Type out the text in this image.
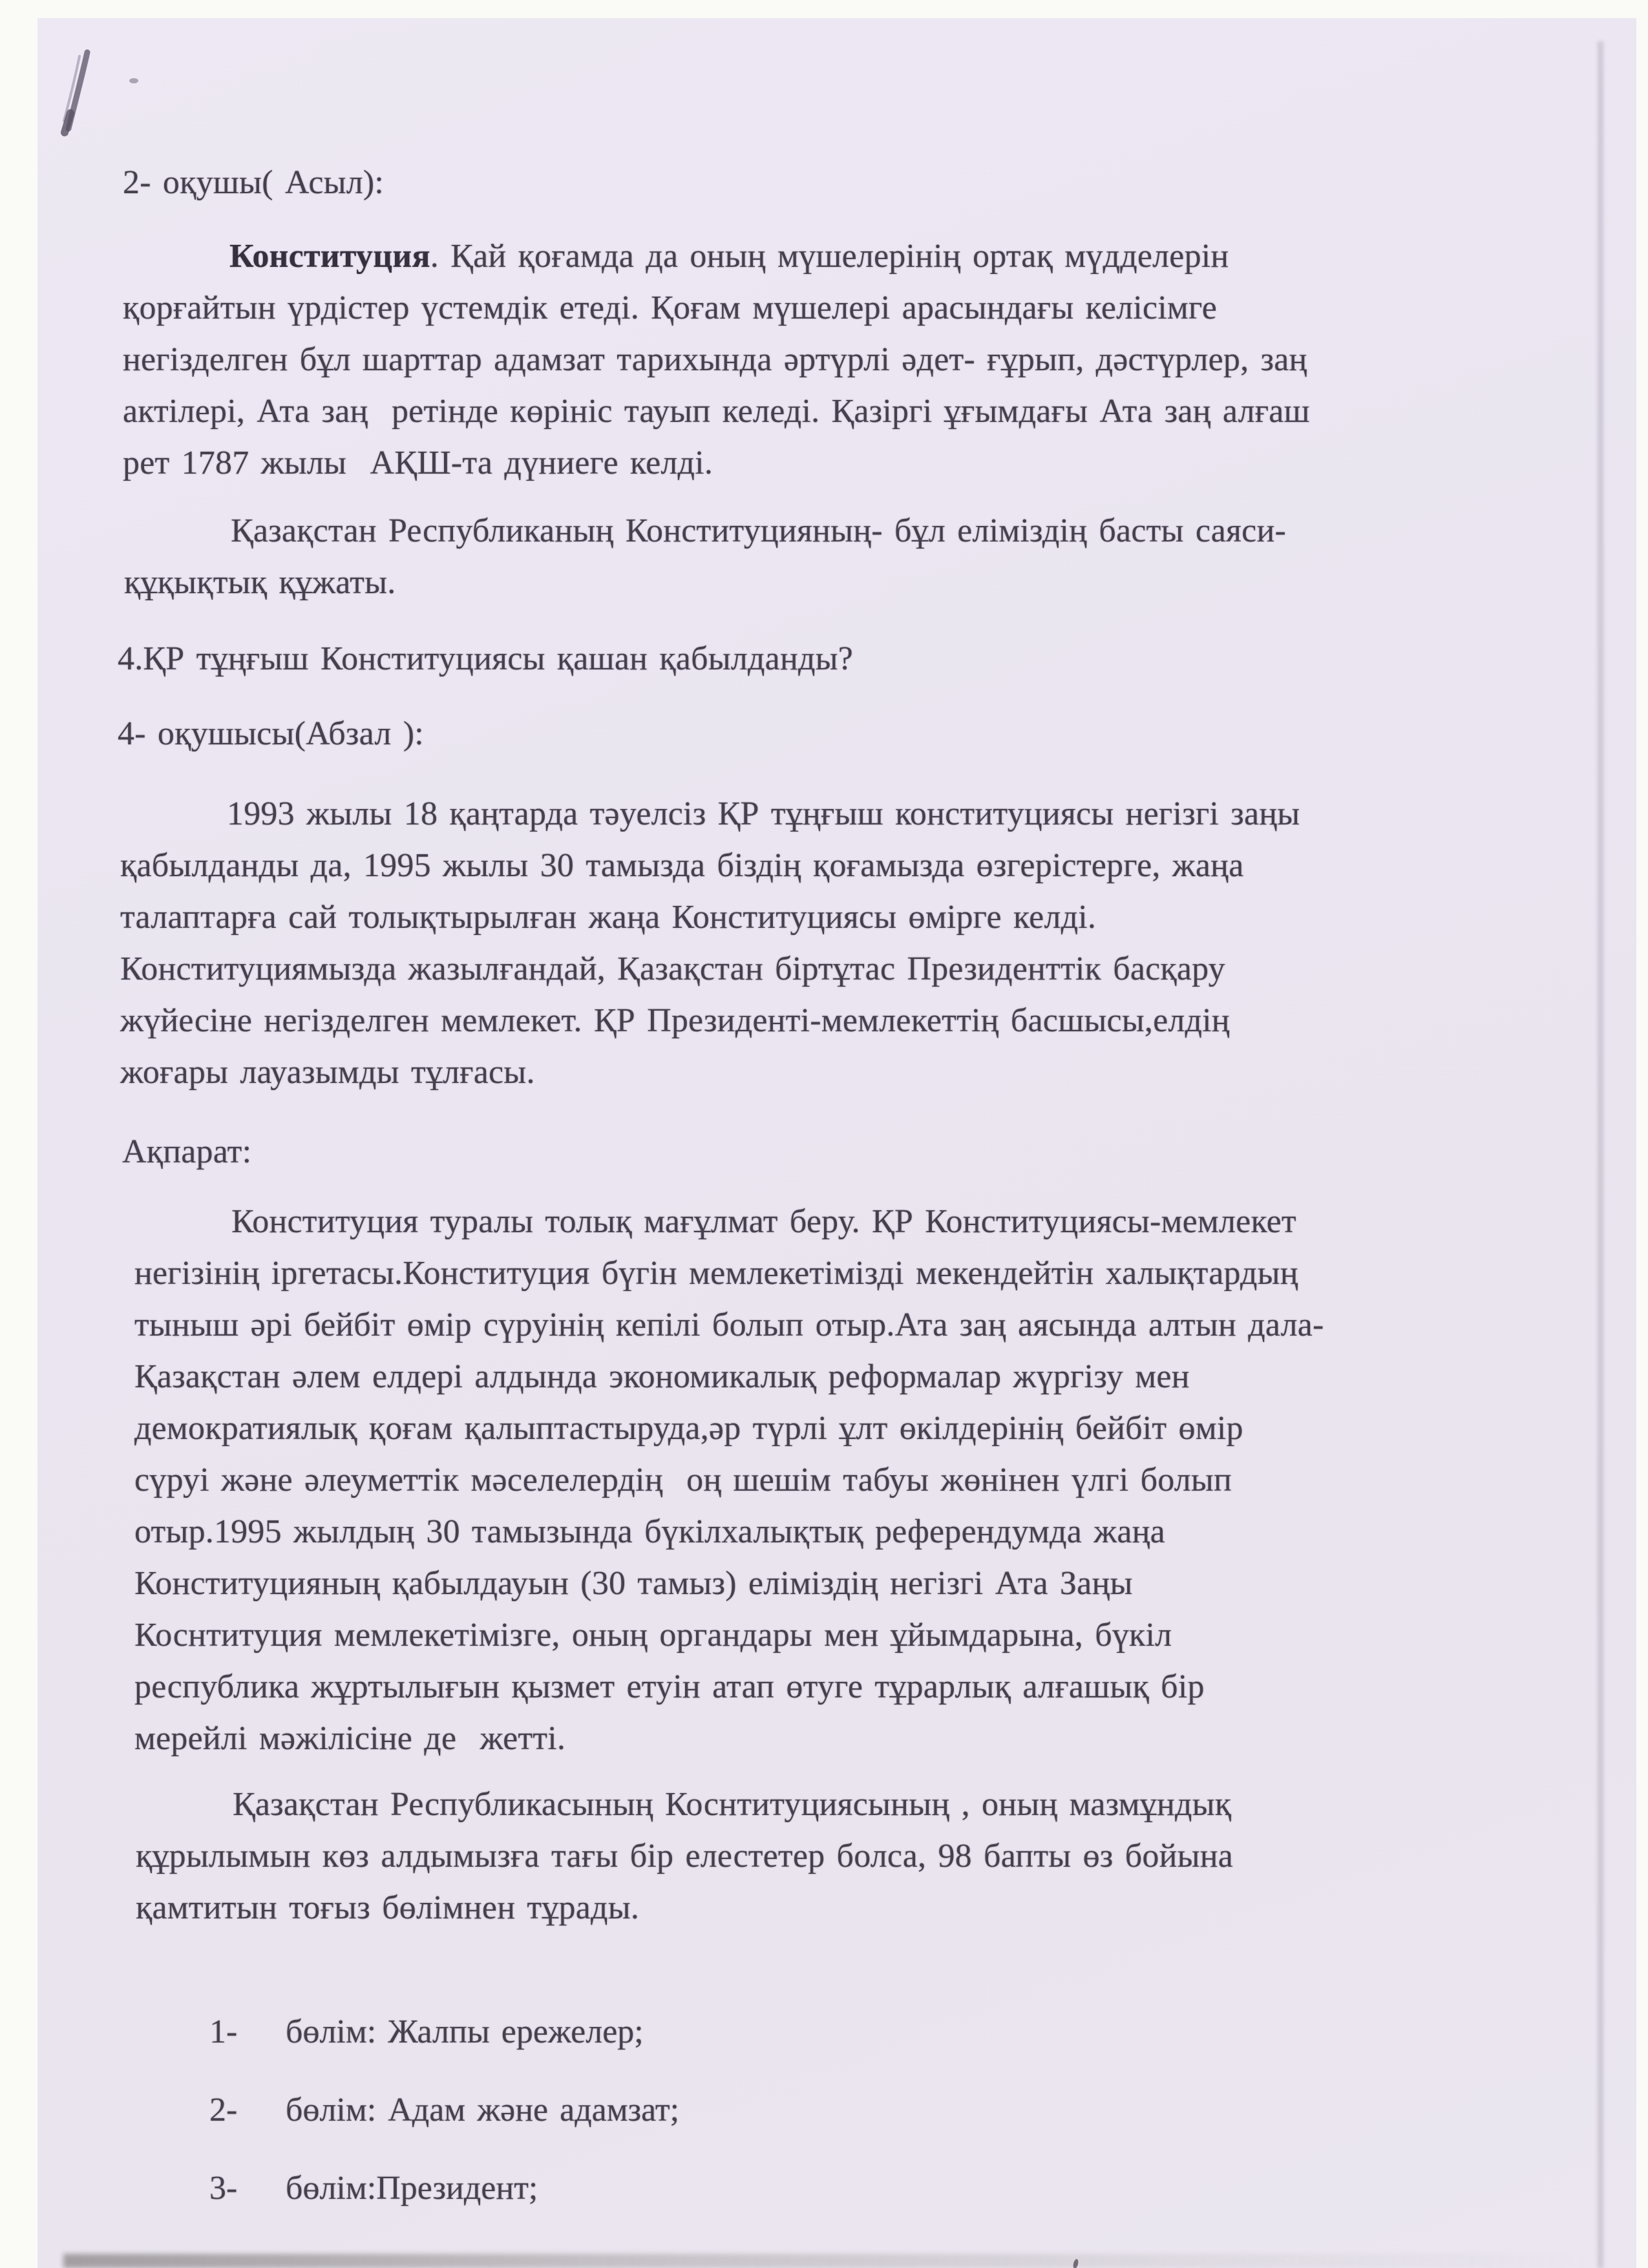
2- оқушы( Асыл):
Конституция. Қай қоғамда да оның мүшелерінің ортақ мүдделерін
қорғайтын үрдістер үстемдік етеді. Қоғам мүшелері арасындағы келісімге
негізделген бұл шарттар адамзат тарихында әртүрлі әдет- ғұрып, дәстүрлер, заң
актілері, Ата заң  ретінде көрініс тауып келеді. Қазіргі ұғымдағы Ата заң алғаш
рет 1787 жылы  АҚШ-та дүниеге келді.
Қазақстан Республиканың Конституцияның- бұл еліміздің басты саяси-
құқықтық құжаты.
4.ҚР тұңғыш Конституциясы қашан қабылданды?
4- оқушысы(Абзал ):
1993 жылы 18 қаңтарда тәуелсіз ҚР тұңғыш конституциясы негізгі заңы
қабылданды да, 1995 жылы 30 тамызда біздің қоғамызда өзгерістерге, жаңа
талаптарға сай толықтырылған жаңа Конституциясы өмірге келді.
Конституциямызда жазылғандай, Қазақстан біртұтас Президенттік басқару
жүйесіне негізделген мемлекет. ҚР Президенті-мемлекеттің басшысы,елдің
жоғары лауазымды тұлғасы.
Ақпарат:
Конституция туралы толық мағұлмат беру. ҚР Конституциясы-мемлекет
негізінің іргетасы.Конституция бүгін мемлекетімізді мекендейтін халықтардың
тыныш әрі бейбіт өмір сүруінің кепілі болып отыр.Ата заң аясында алтын дала-
Қазақстан әлем елдері алдында экономикалық реформалар жүргізу мен
демократиялық қоғам қалыптастыруда,әр түрлі ұлт өкілдерінің бейбіт өмір
сүруі және әлеуметтік мәселелердің  оң шешім табуы жөнінен үлгі болып
отыр.1995 жылдың 30 тамызында бүкілхалықтық референдумда жаңа
Конституцияның қабылдауын (30 тамыз) еліміздің негізгі Ата Заңы
Коснтитуция мемлекетімізге, оның органдары мен ұйымдарына, бүкіл
республика жұртылығын қызмет етуін атап өтуге тұрарлық алғашық бір
мерейлі мәжілісіне де  жетті.
Қазақстан Республикасының Коснтитуциясының , оның мазмұндық
құрылымын көз алдымызға тағы бір елестетер болса, 98 бапты өз бойына
қамтитын тоғыз бөлімнен тұрады.

1- бөлім: Жалпы ережелер;

2- бөлім: Адам және адамзат;

3- бөлім:Президент;
